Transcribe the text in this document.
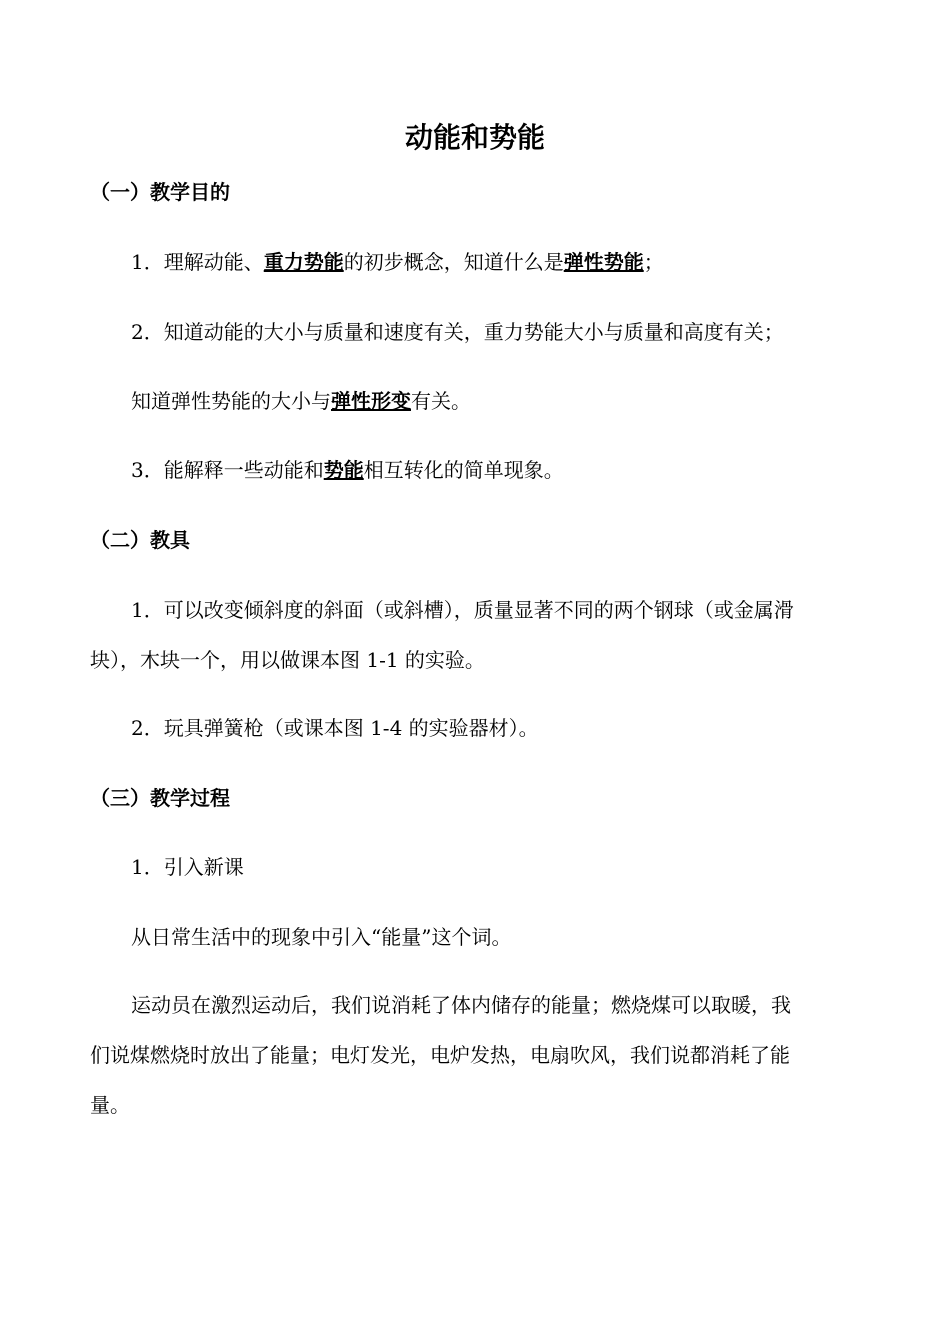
动能和势能
（一）教学目的
1．理解动能、重力势能的初步概念，知道什么是弹性势能；
2．知道动能的大小与质量和速度有关，重力势能大小与质量和高度有关；
知道弹性势能的大小与弹性形变有关。
3．能解释一些动能和势能相互转化的简单现象。
（二）教具
1．可以改变倾斜度的斜面（或斜槽），质量显著不同的两个钢球（或金属滑
块），木块一个，用以做课本图 1-1 的实验。
2．玩具弹簧枪（或课本图 1-4 的实验器材）。
（三）教学过程
1．引入新课
从日常生活中的现象中引入“能量”这个词。
运动员在激烈运动后，我们说消耗了体内储存的能量；燃烧煤可以取暖，我
们说煤燃烧时放出了能量；电灯发光，电炉发热，电扇吹风，我们说都消耗了能
量。
